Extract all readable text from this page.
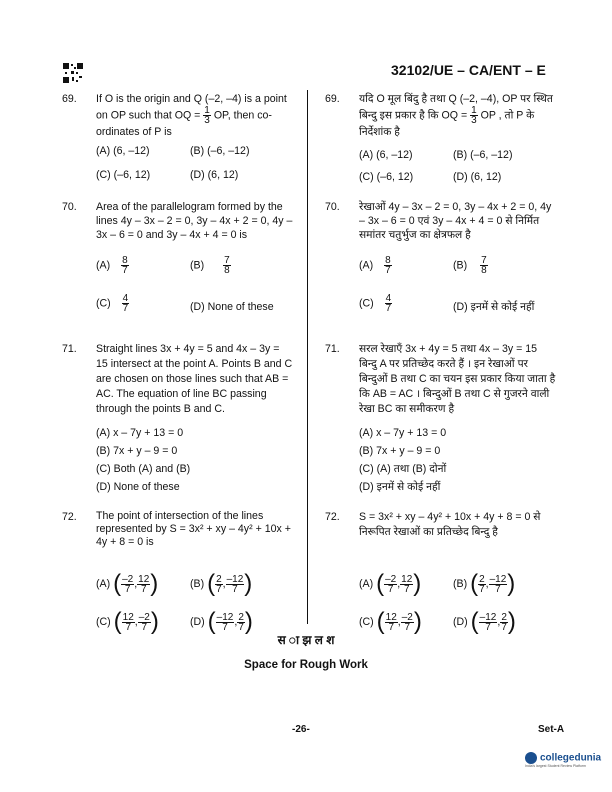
32102/UE – CA/ENT – E
69. If O is the origin and Q (–2, –4) is a point on OP such that OQ = $\frac{1}{3}$ OP, then co-ordinates of P is
(A) (6, –12)	(B) (–6, –12)
(C) (–6, 12)	(D) (6, 12)
70. Area of the parallelogram formed by the lines 4y – 3x – 2 = 0, 3y – 4x + 2 = 0, 4y – 3x – 6 = 0 and 3y – 4x + 4 = 0 is
$(A) \frac{8}{7}$	$(B) \frac{7}{8}$
$(C) \frac{4}{7}$	(D) None of these
71. Straight lines 3x + 4y = 5 and 4x – 3y = 15 intersect at the point A. Points B and C are chosen on those lines such that AB = AC. The equation of line BC passing through the points B and C.
(A) x – 7y + 13 = 0
(B) 7x + y – 9 = 0
(C) Both (A) and (B)
(D) None of these
72. The point of intersection of the lines represented by S = 3x² + xy – 4y² + 10x + 4y + 8 = 0 is
(A) ( $\frac{-2}{7}$ , $\frac{12}{7}$ )	(B) ( $\frac{2}{7}$ , $\frac{-12}{7}$ )
(C) ( $\frac{12}{7}$ , $\frac{-2}{7}$ )	(D) ( $\frac{-12}{7}$ , $\frac{2}{7}$ )
69. यदि O मूल बिंदु है तथा Q (–2, –4), OP पर स्थित बिन्दु इस प्रकार है कि OQ = $\frac{1}{3}$ OP , तो P के निर्देशांक है
(A) (6, –12)	(B) (–6, –12)
(C) (–6, 12)	(D) (6, 12)
70. रेखाओं 4y – 3x – 2 = 0, 3y – 4x + 2 = 0, 4y – 3x – 6 = 0 एवं 3y – 4x + 4 = 0 से निर्मित समांतर चतुर्भुज का क्षेत्रफल है
$(A) \frac{8}{7}$	$(B) \frac{7}{8}$
$(C) \frac{4}{7}$	(D) इनमें से कोई नहीं
71. सरल रेखाएँ 3x + 4y = 5 तथा 4x – 3y = 15 बिन्दु A पर प्रतिच्छेद करते हैं । इन रेखाओं पर बिन्दुओं B तथा C का चयन इस प्रकार किया जाता है कि AB = AC । बिन्दुओं B तथा C से गुजरने वाली रेखा BC का समीकरण है
(A) x – 7y + 13 = 0
(B) 7x + y – 9 = 0
(C) (A) तथा (B) दोनों
(D) इनमें से कोई नहीं
72. S = 3x² + xy – 4y² + 10x + 4y + 8 = 0 से निरूपित रेखाओं का प्रतिच्छेद बिन्दु है
(A) ( $\frac{-2}{7}$ , $\frac{12}{7}$ )	(B) ( $\frac{2}{7}$ , $\frac{-12}{7}$ )
(C) ( $\frac{12}{7}$ , $\frac{-2}{7}$ )	(D) ( $\frac{-12}{7}$ , $\frac{2}{7}$ )
स ा झ ल श
Space for Rough Work
-26-	Set-A
collegedunia
India's largest Student Review Platform
